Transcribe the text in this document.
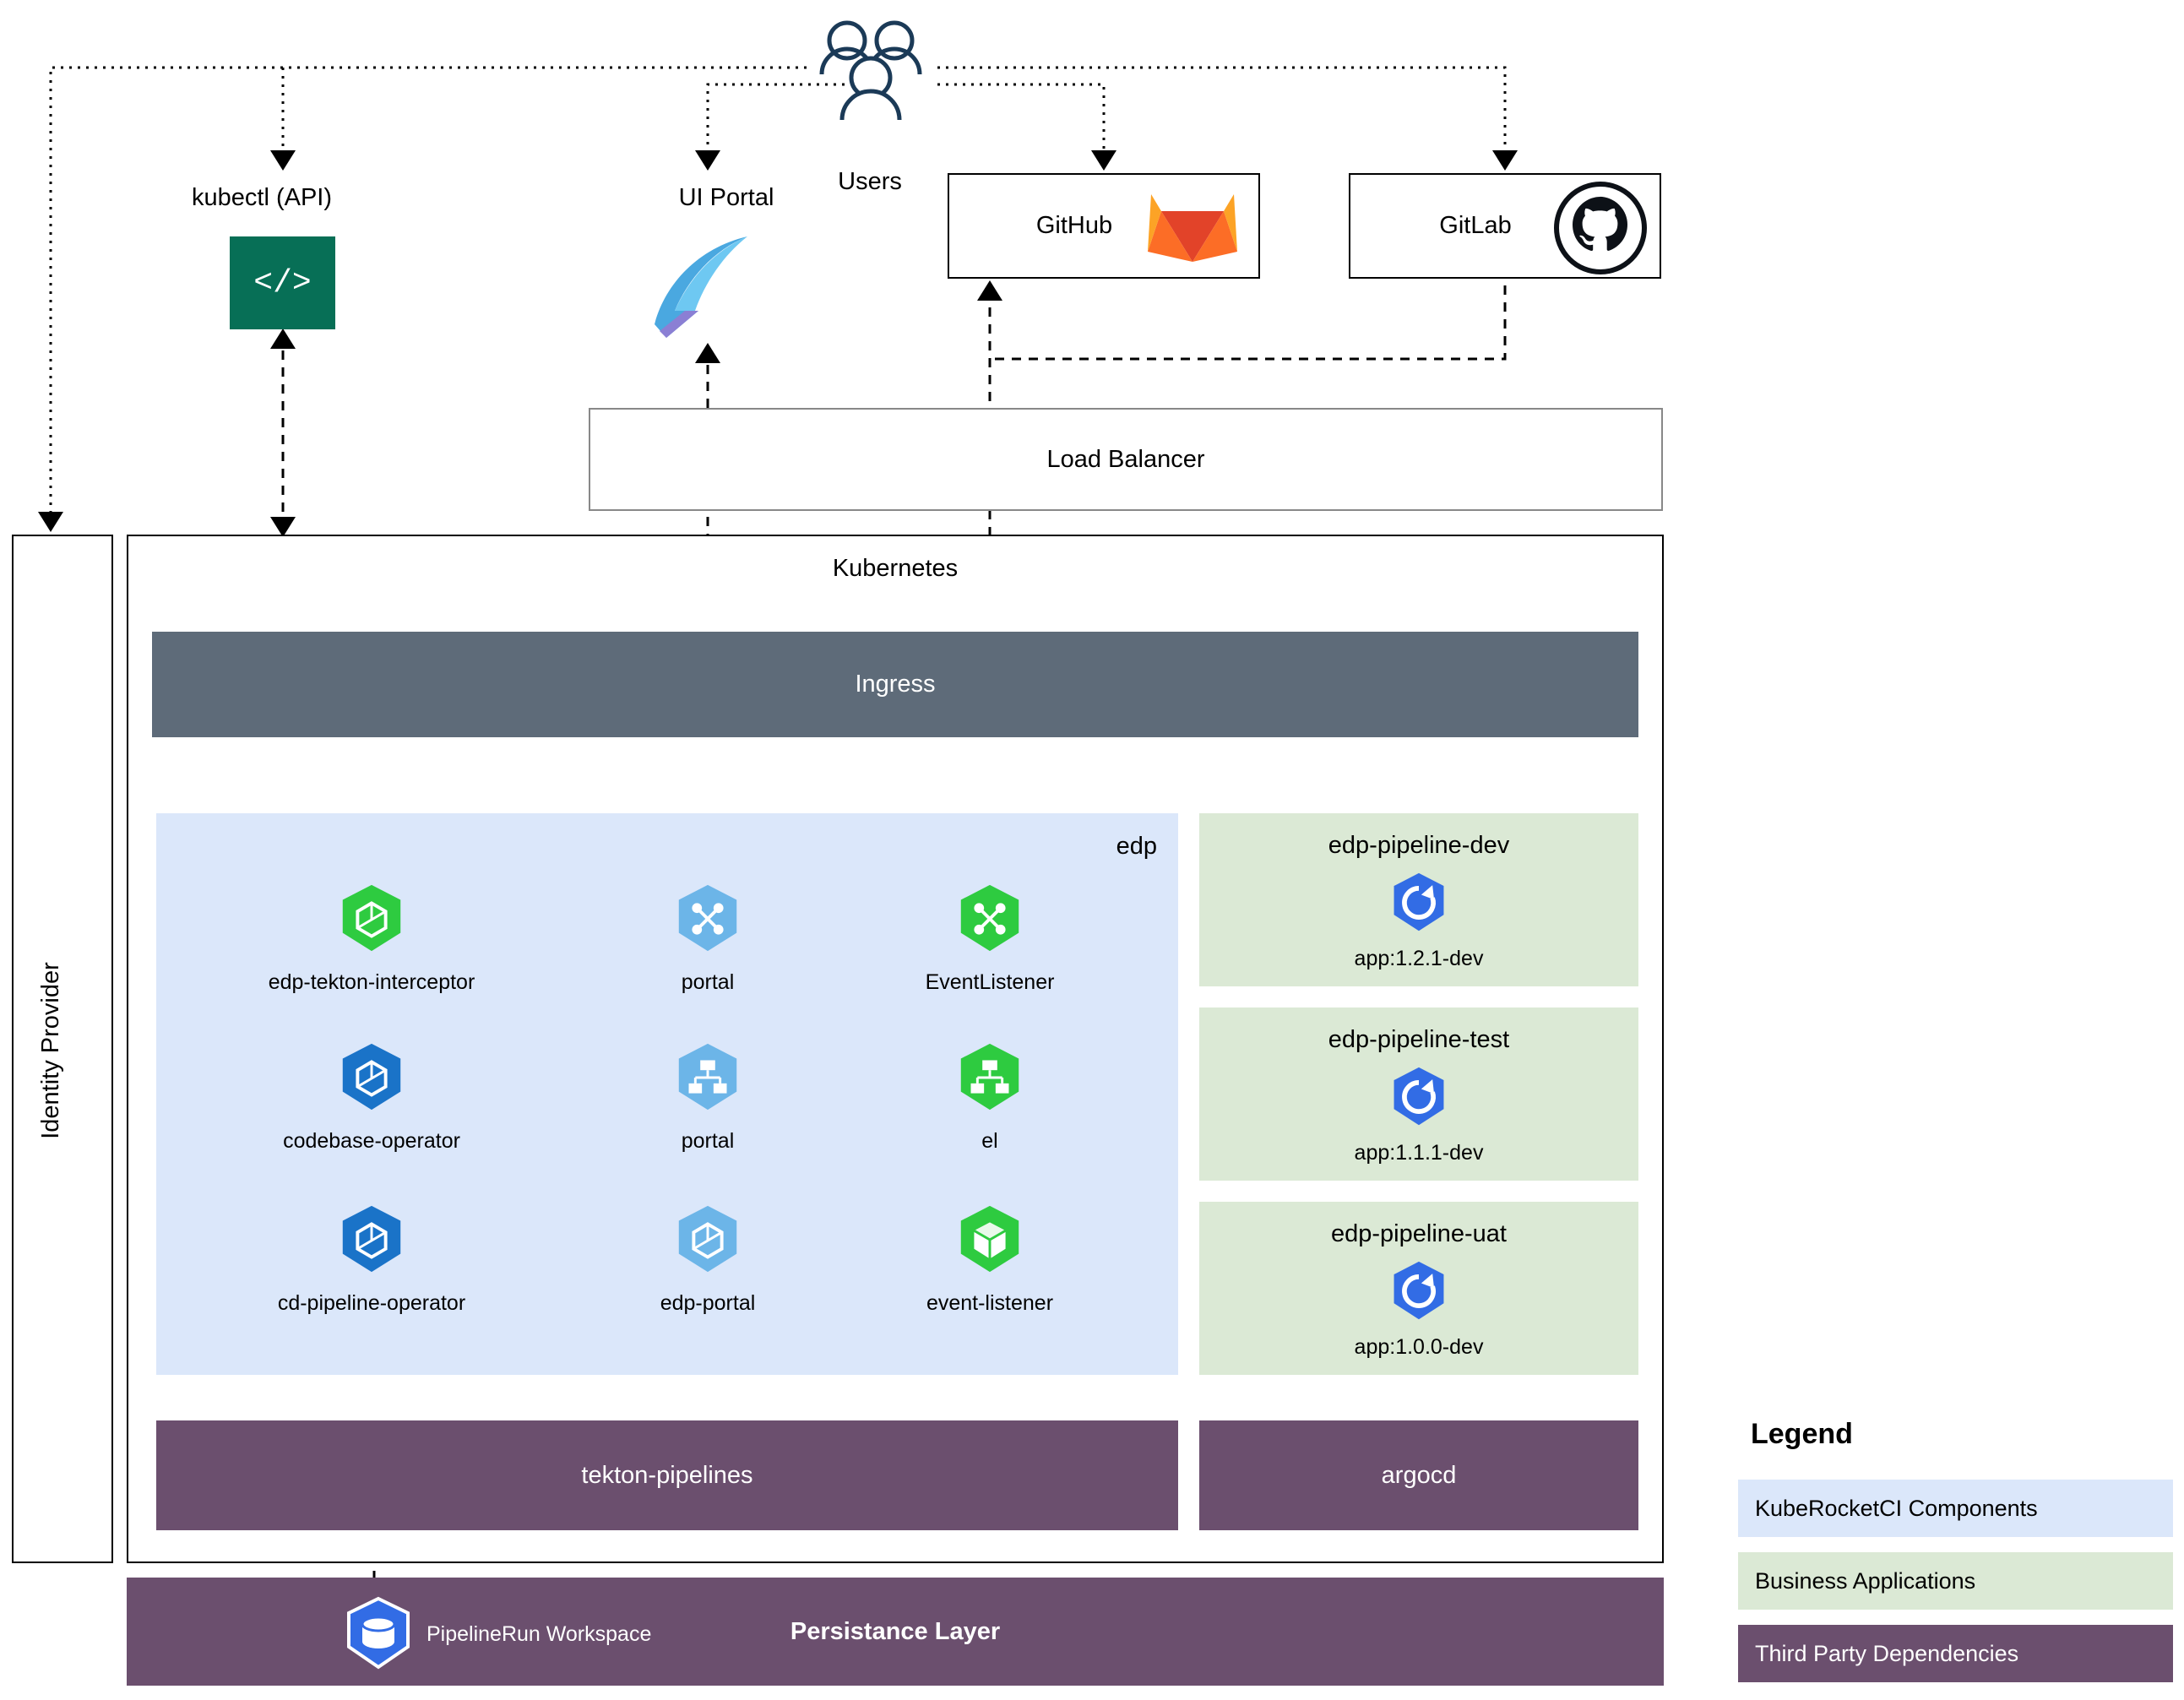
Users
kubectl (API)
</>
UI Portal
GitHub	GitLab
Load Balancer
Identity Provider
Kubernetes
Ingress
edp
edp-tekton-interceptor
codebase-operator
cd-pipeline-operator
portal
portal
edp-portal
EventListener
el
event-listener
edp-pipeline-dev
app:1.2.1-dev
edp-pipeline-test
app:1.1.1-dev
edp-pipeline-uat
app:1.0.0-dev
tekton-pipelines	argocd
Persistance Layer
PipelineRun Workspace
Legend
KubeRocketCI Components
Business Applications
Third Party Dependencies
